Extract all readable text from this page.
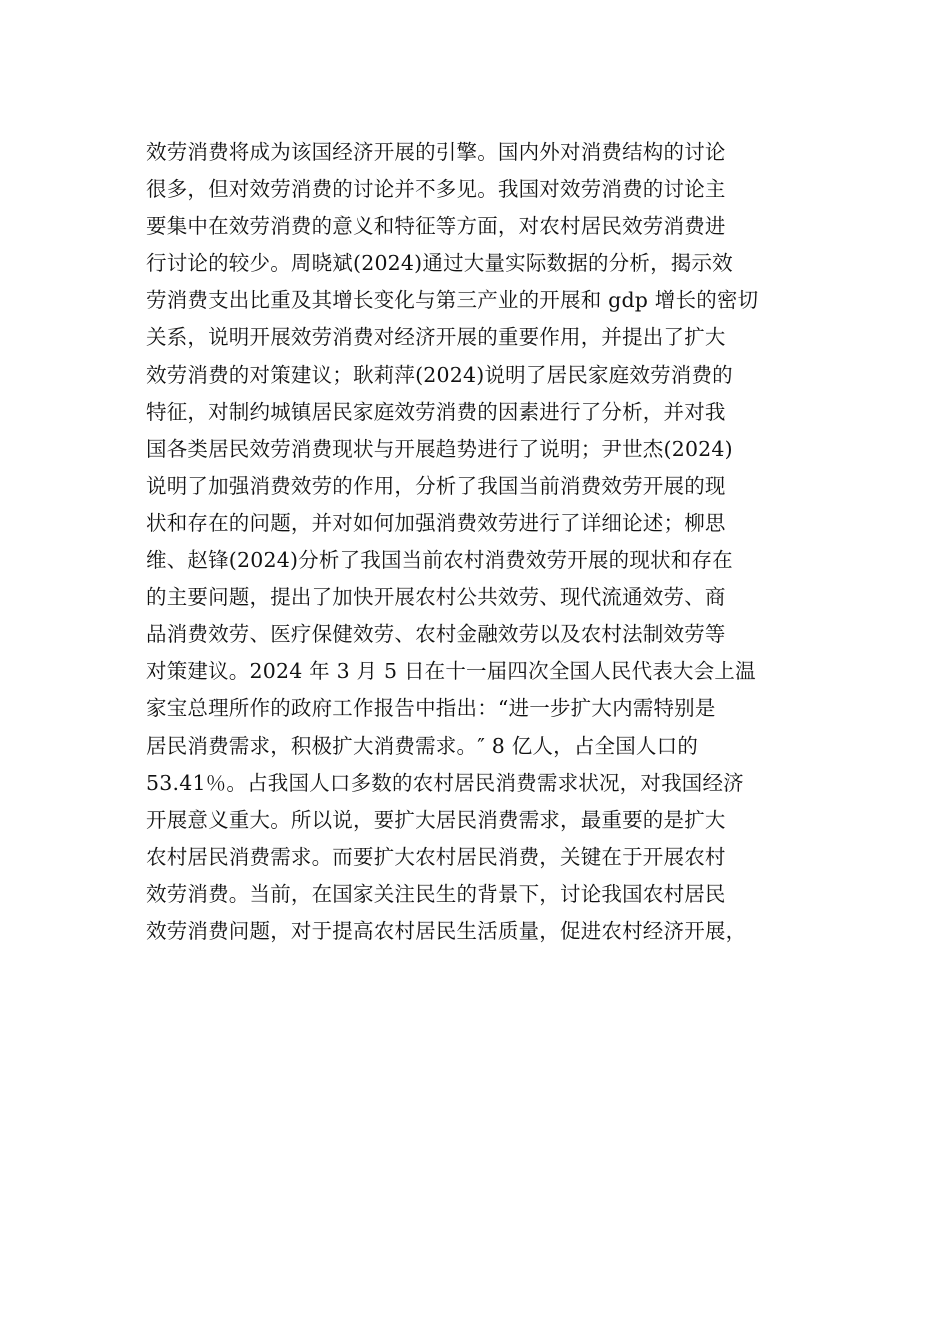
效劳消费将成为该国经济开展的引擎。国内外对消费结构的讨论
很多，但对效劳消费的讨论并不多见。我国对效劳消费的讨论主
要集中在效劳消费的意义和特征等方面，对农村居民效劳消费进
行讨论的较少。周晓斌(2024)通过大量实际数据的分析，揭示效
劳消费支出比重及其增长变化与第三产业的开展和 gdp 增长的密切
关系，说明开展效劳消费对经济开展的重要作用，并提出了扩大
效劳消费的对策建议；耿莉萍(2024)说明了居民家庭效劳消费的
特征，对制约城镇居民家庭效劳消费的因素进行了分析，并对我
国各类居民效劳消费现状与开展趋势进行了说明；尹世杰(2024)
说明了加强消费效劳的作用，分析了我国当前消费效劳开展的现
状和存在的问题，并对如何加强消费效劳进行了详细论述；柳思
维、赵锋(2024)分析了我国当前农村消费效劳开展的现状和存在
的主要问题，提出了加快开展农村公共效劳、现代流通效劳、商
品消费效劳、医疗保健效劳、农村金融效劳以及农村法制效劳等
对策建议。2024 年 3 月 5 日在十一届四次全国人民代表大会上温
家宝总理所作的政府工作报告中指出：“进一步扩大内需特别是
居民消费需求，积极扩大消费需求。″ 8 亿人，占全国人口的
53.41％。占我国人口多数的农村居民消费需求状况，对我国经济
开展意义重大。所以说，要扩大居民消费需求，最重要的是扩大
农村居民消费需求。而要扩大农村居民消费，关键在于开展农村
效劳消费。当前，在国家关注民生的背景下，讨论我国农村居民
效劳消费问题，对于提高农村居民生活质量，促进农村经济开展，
